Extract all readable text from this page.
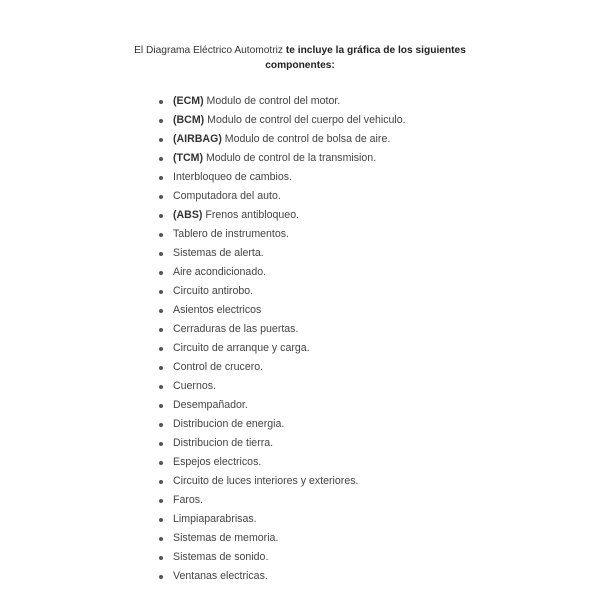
El Diagrama Eléctrico Automotriz te incluye la gráfica de los siguientes
componentes:
(ECM) Modulo de control del motor.
(BCM) Modulo de control del cuerpo del vehiculo.
(AIRBAG) Modulo de control de bolsa de aire.
(TCM) Modulo de control de la transmision.
Interbloqueo de cambios.
Computadora del auto.
(ABS) Frenos antibloqueo.
Tablero de instrumentos.
Sistemas de alerta.
Aire acondicionado.
Circuito antirobo.
Asientos electricos
Cerraduras de las puertas.
Circuito de arranque y carga.
Control de crucero.
Cuernos.
Desempañador.
Distribucion de energia.
Distribucion de tierra.
Espejos electricos.
Circuito de luces interiores y exteriores.
Faros.
Limpiaparabrisas.
Sistemas de memoria.
Sistemas de sonido.
Ventanas electricas.
